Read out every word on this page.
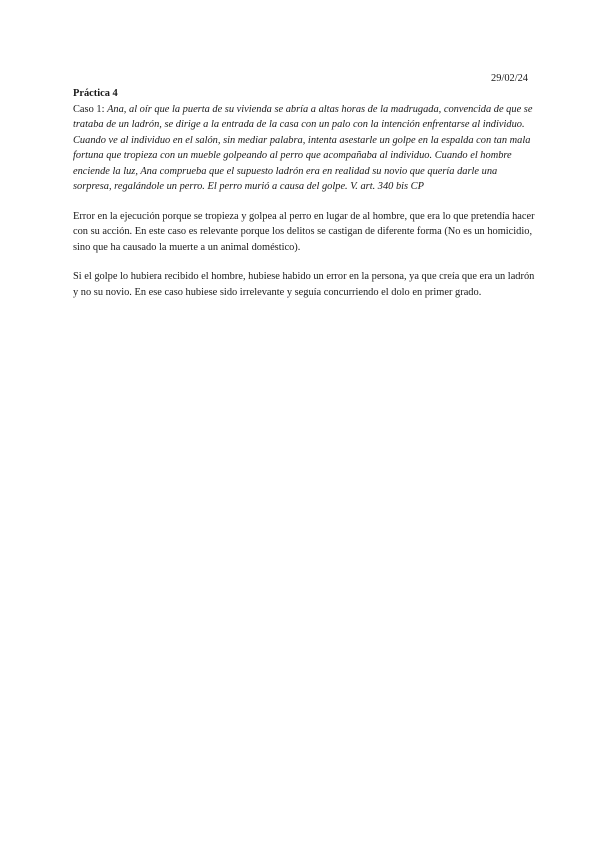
29/02/24

Práctica 4

Caso 1: Ana, al oír que la puerta de su vivienda se abría a altas horas de la madrugada, convencida de que se trataba de un ladrón, se dirige a la entrada de la casa con un palo con la intención enfrentarse al individuo. Cuando ve al individuo en el salón, sin mediar palabra, intenta asestarle un golpe en la espalda con tan mala fortuna que tropieza con un mueble golpeando al perro que acompañaba al individuo. Cuando el hombre enciende la luz, Ana comprueba que el supuesto ladrón era en realidad su novio que quería darle una sorpresa, regalándole un perro. El perro murió a causa del golpe. V. art. 340 bis CP

Error en la ejecución porque se tropieza y golpea al perro en lugar de al hombre, que era lo que pretendía hacer con su acción. En este caso es relevante porque los delitos se castigan de diferente forma (No es un homicidio, sino que ha causado la muerte a un animal doméstico).

Si el golpe lo hubiera recibido el hombre, hubiese habido un error en la persona, ya que creía que era un ladrón y no su novio. En ese caso hubiese sido irrelevante y seguía concurriendo el dolo en primer grado.
